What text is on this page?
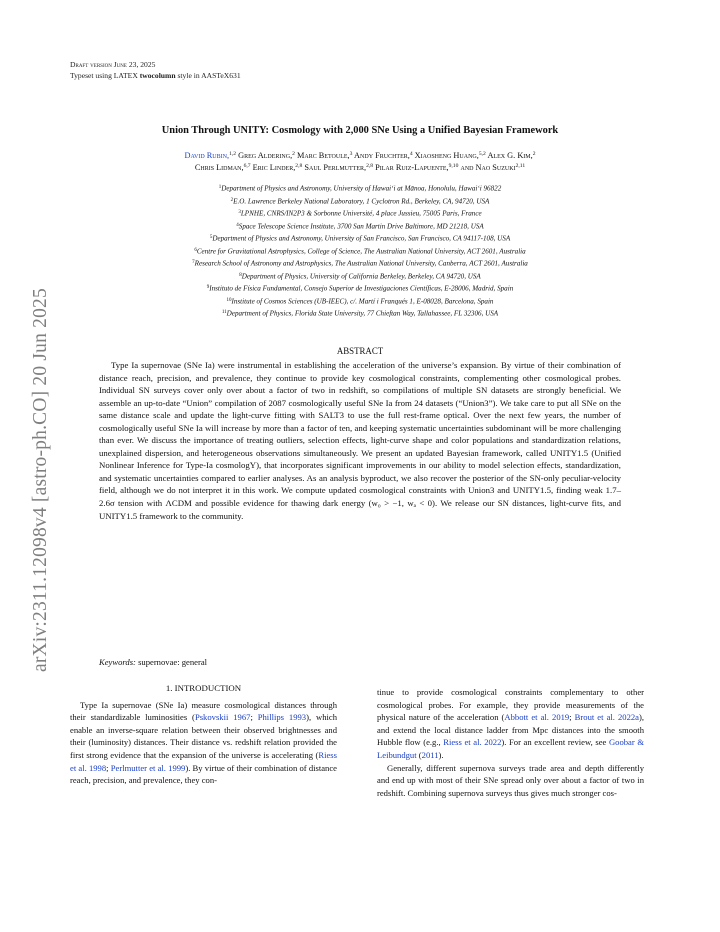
arXiv:2311.12098v4 [astro-ph.CO] 20 Jun 2025
Draft version June 23, 2025
Typeset using LATEX twocolumn style in AASTeX631
Union Through UNITY: Cosmology with 2,000 SNe Using a Unified Bayesian Framework
David Rubin,$^{1,2}$ Greg Aldering,$^2$ Marc Betoule,$^3$ Andy Fruchter,$^4$ Xiaosheng Huang,$^{5,2}$ Alex G. Kim,$^2$
Chris Lidman,$^{6,7}$ Eric Linder,$^{2,8}$ Saul Perlmutter,$^{2,8}$ Pilar Ruiz-Lapuente,$^{9,10}$ and Nao Suzuki$^{2,11}$
$^1$Department of Physics and Astronomy, University of Hawai‘i at Mānoa, Honolulu, Hawai‘i 96822
$^2$E.O. Lawrence Berkeley National Laboratory, 1 Cyclotron Rd., Berkeley, CA, 94720, USA
$^3$LPNHE, CNRS/IN2P3 & Sorbonne Université, 4 place Jussieu, 75005 Paris, France
$^4$Space Telescope Science Institute, 3700 San Martin Drive Baltimore, MD 21218, USA
$^5$Department of Physics and Astronomy, University of San Francisco, San Francisco, CA 94117-108, USA
$^6$Centre for Gravitational Astrophysics, College of Science, The Australian National University, ACT 2601, Australia
$^7$Research School of Astronomy and Astrophysics, The Australian National University, Canberra, ACT 2601, Australia
$^8$Department of Physics, University of California Berkeley, Berkeley, CA 94720, USA
$^9$Instituto de Física Fundamental, Consejo Superior de Investigaciones Científicas, E-28006, Madrid, Spain
$^{10}$Institute of Cosmos Sciences (UB-IEEC), c/. Martí i Franqués 1, E-08028, Barcelona, Spain
$^{11}$Department of Physics, Florida State University, 77 Chieftan Way, Tallahassee, FL 32306, USA
ABSTRACT
Type Ia supernovae (SNe Ia) were instrumental in establishing the acceleration of the universe’s expansion. By virtue of their combination of distance reach, precision, and prevalence, they continue to provide key cosmological constraints, complementing other cosmological probes. Individual SN surveys cover only over about a factor of two in redshift, so compilations of multiple SN datasets are strongly beneficial. We assemble an up-to-date “Union” compilation of 2087 cosmologically useful SNe Ia from 24 datasets (“Union3”). We take care to put all SNe on the same distance scale and update the light-curve fitting with SALT3 to use the full rest-frame optical. Over the next few years, the number of cosmologically useful SNe Ia will increase by more than a factor of ten, and keeping systematic uncertainties subdominant will be more challenging than ever. We discuss the importance of treating outliers, selection effects, light-curve shape and color populations and standardization relations, unexplained dispersion, and heterogeneous observations simultaneously. We present an updated Bayesian framework, called UNITY1.5 (Unified Nonlinear Inference for Type-Ia cosmologY), that incorporates significant improvements in our ability to model selection effects, standardization, and systematic uncertainties compared to earlier analyses. As an analysis byproduct, we also recover the posterior of the SN-only peculiar-velocity field, although we do not interpret it in this work. We compute updated cosmological constraints with Union3 and UNITY1.5, finding weak 1.7–2.6σ tension with ΛCDM and possible evidence for thawing dark energy (w₀ > −1, wₐ < 0). We release our SN distances, light-curve fits, and UNITY1.5 framework to the community.
Keywords: supernovae: general
1. INTRODUCTION

Type Ia supernovae (SNe Ia) measure cosmological distances through their standardizable luminosities (Pskovskii 1967; Phillips 1993), which enable an inverse-square relation between their observed brightnesses and their (luminosity) distances. Their distance vs. redshift relation provided the first strong evidence that the expansion of the universe is accelerating (Riess et al. 1998; Perlmutter et al. 1999). By virtue of their combination of distance reach, precision, and prevalence, they con-

tinue to provide cosmological constraints complementary to other cosmological probes. For example, they provide measurements of the physical nature of the acceleration (Abbott et al. 2019; Brout et al. 2022a), and extend the local distance ladder from Mpc distances into the smooth Hubble flow (e.g., Riess et al. 2022). For an excellent review, see Goobar & Leibundgut (2011).

Generally, different supernova surveys trade area and depth differently and end up with most of their SNe spread only over about a factor of two in redshift. Combining supernova surveys thus gives much stronger cos-
